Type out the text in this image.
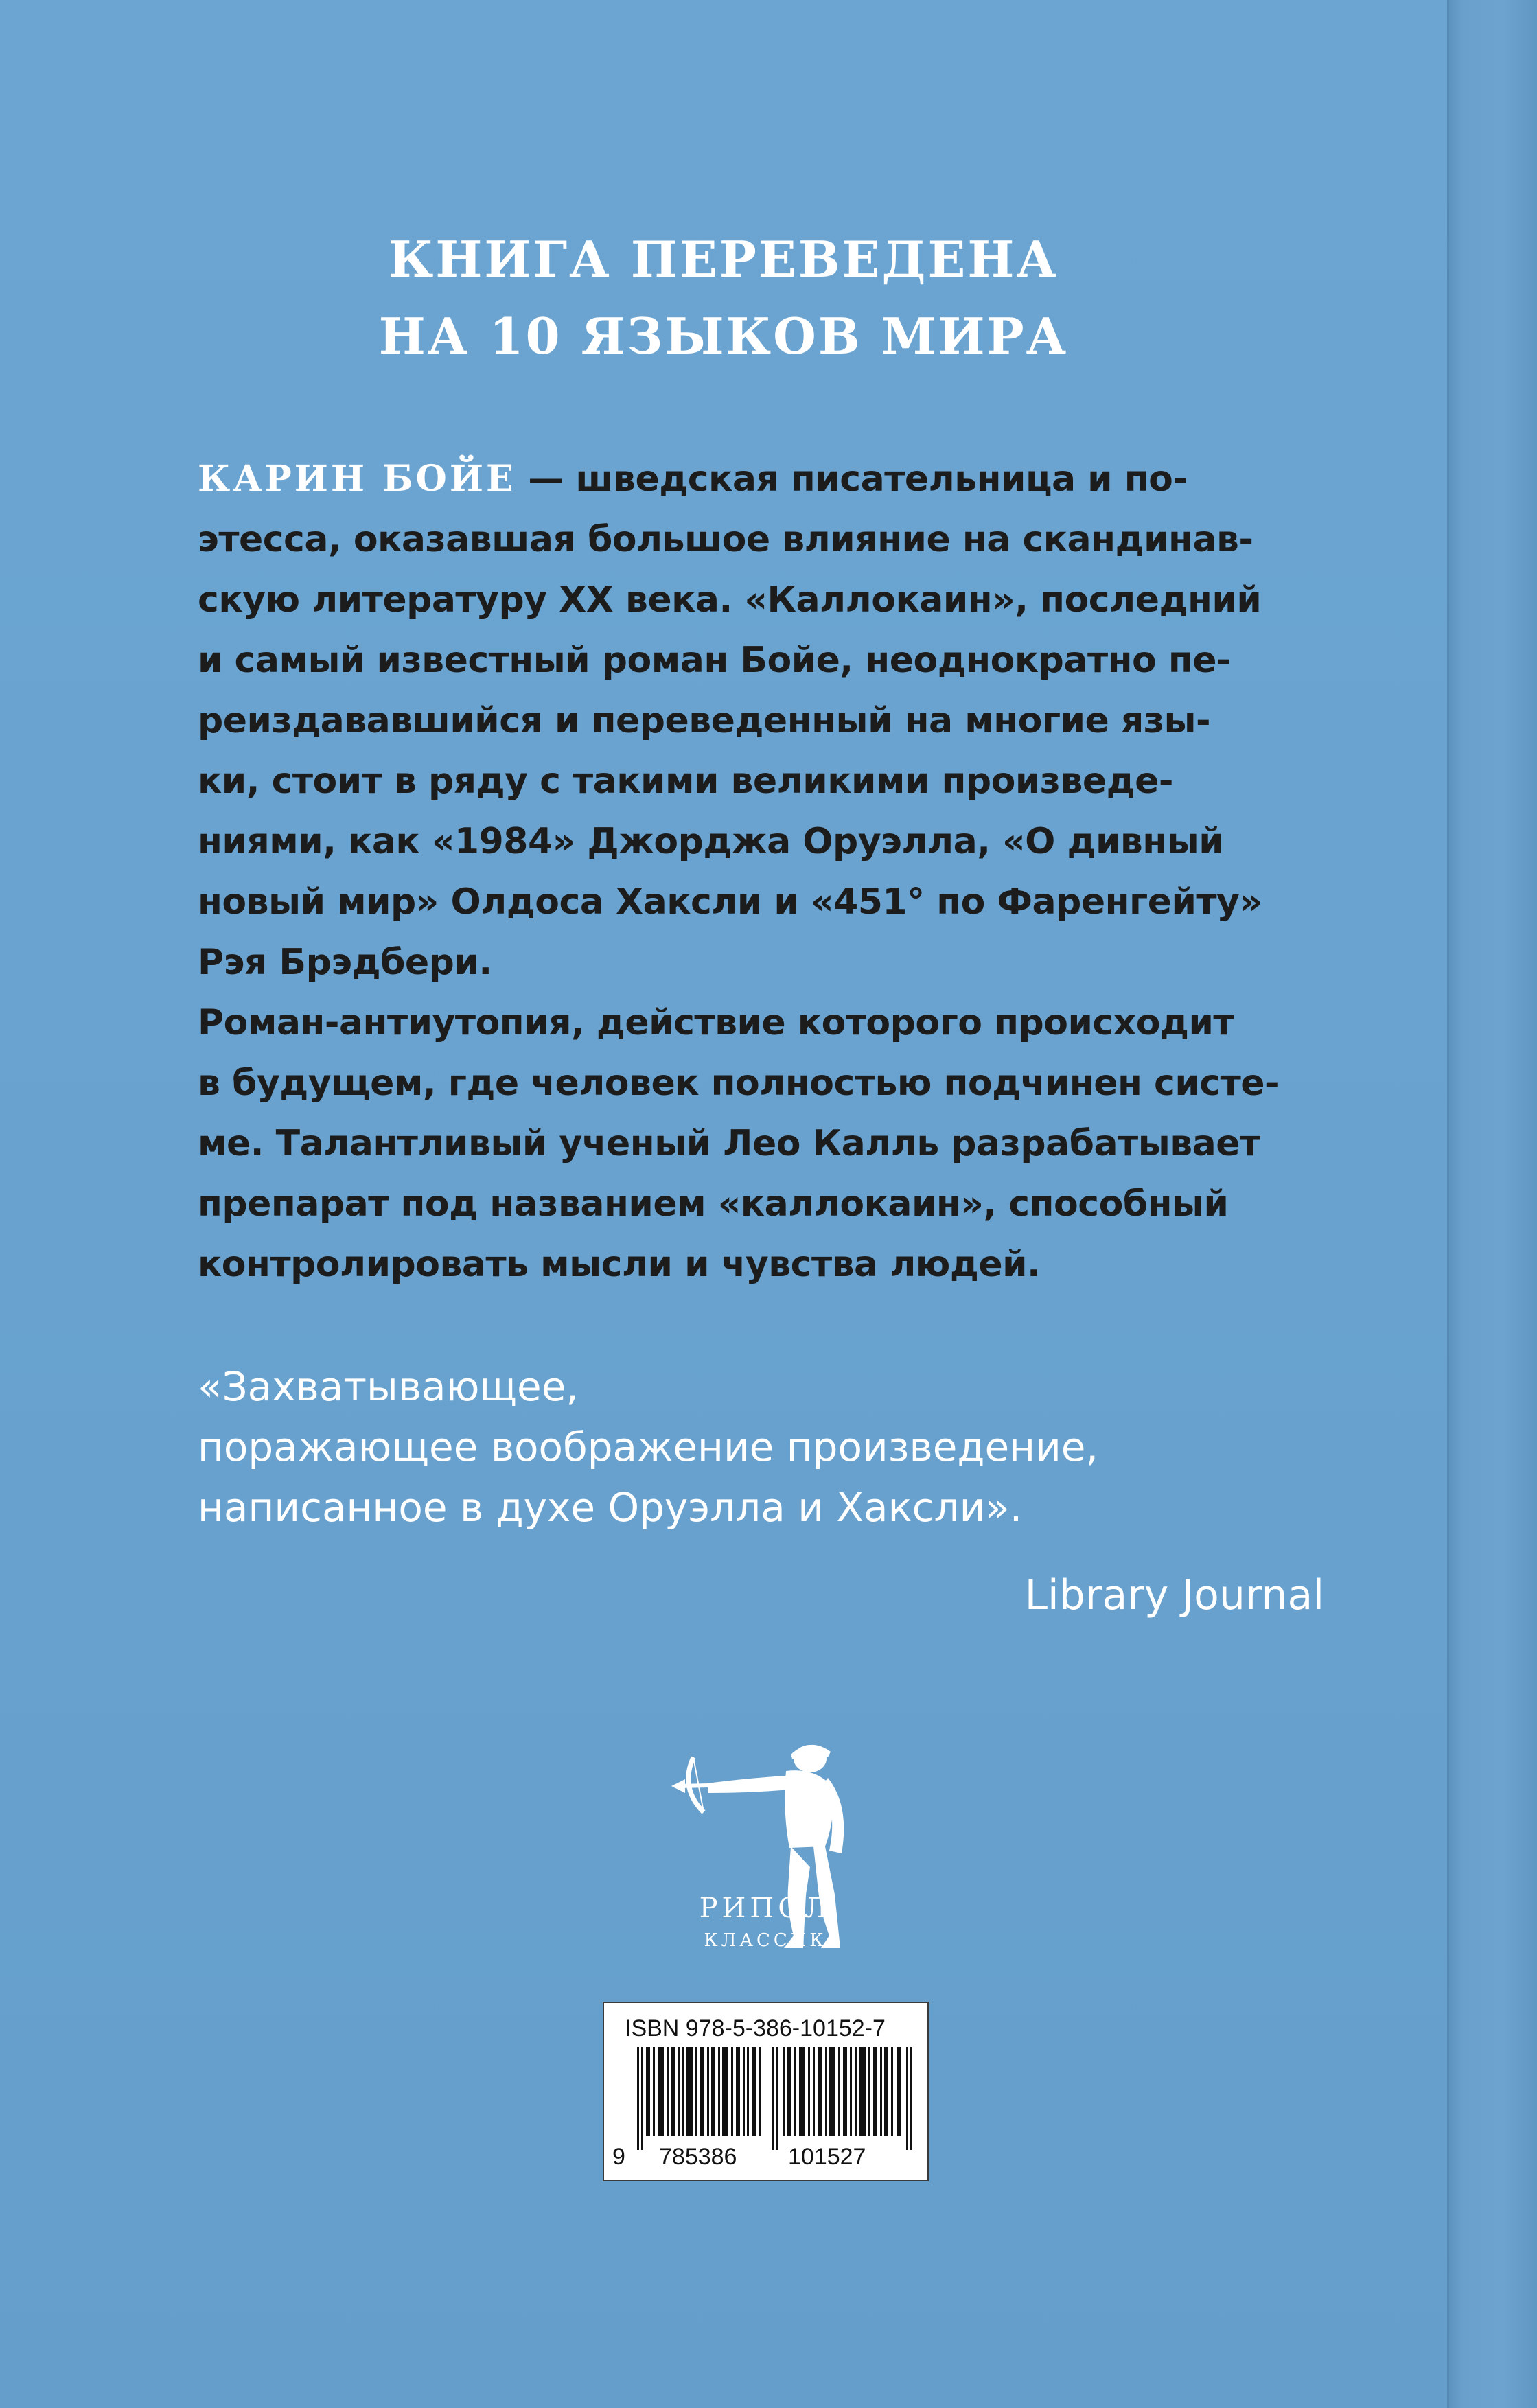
КНИГА ПЕРЕВЕДЕНА
НА 10 ЯЗЫКОВ МИРА
КАРИН БОЙЕ — шведская писательница и по-
этесса, оказавшая большое влияние на скандинав-
скую литературу XX века. «Каллокаин», последний
и самый известный роман Бойе, неоднократно пе-
реиздававшийся и переведенный на многие язы-
ки, стоит в ряду с такими великими произведе-
ниями, как «1984» Джорджа Оруэлла, «О дивный
новый мир» Олдоса Хаксли и «451° по Фаренгейту»
Рэя Брэдбери.
Роман-антиутопия, действие которого происходит
в будущем, где человек полностью подчинен систе-
ме. Талантливый ученый Лео Калль разрабатывает
препарат под названием «каллокаин», способный
контролировать мысли и чувства людей.
«Захватывающее,
поражающее воображение произведение,
написанное в духе Оруэлла и Хаксли».
Library Journal
РИПОЛ
КЛАССИК
ISBN 978-5-386-10152-7
9 785386 101527
